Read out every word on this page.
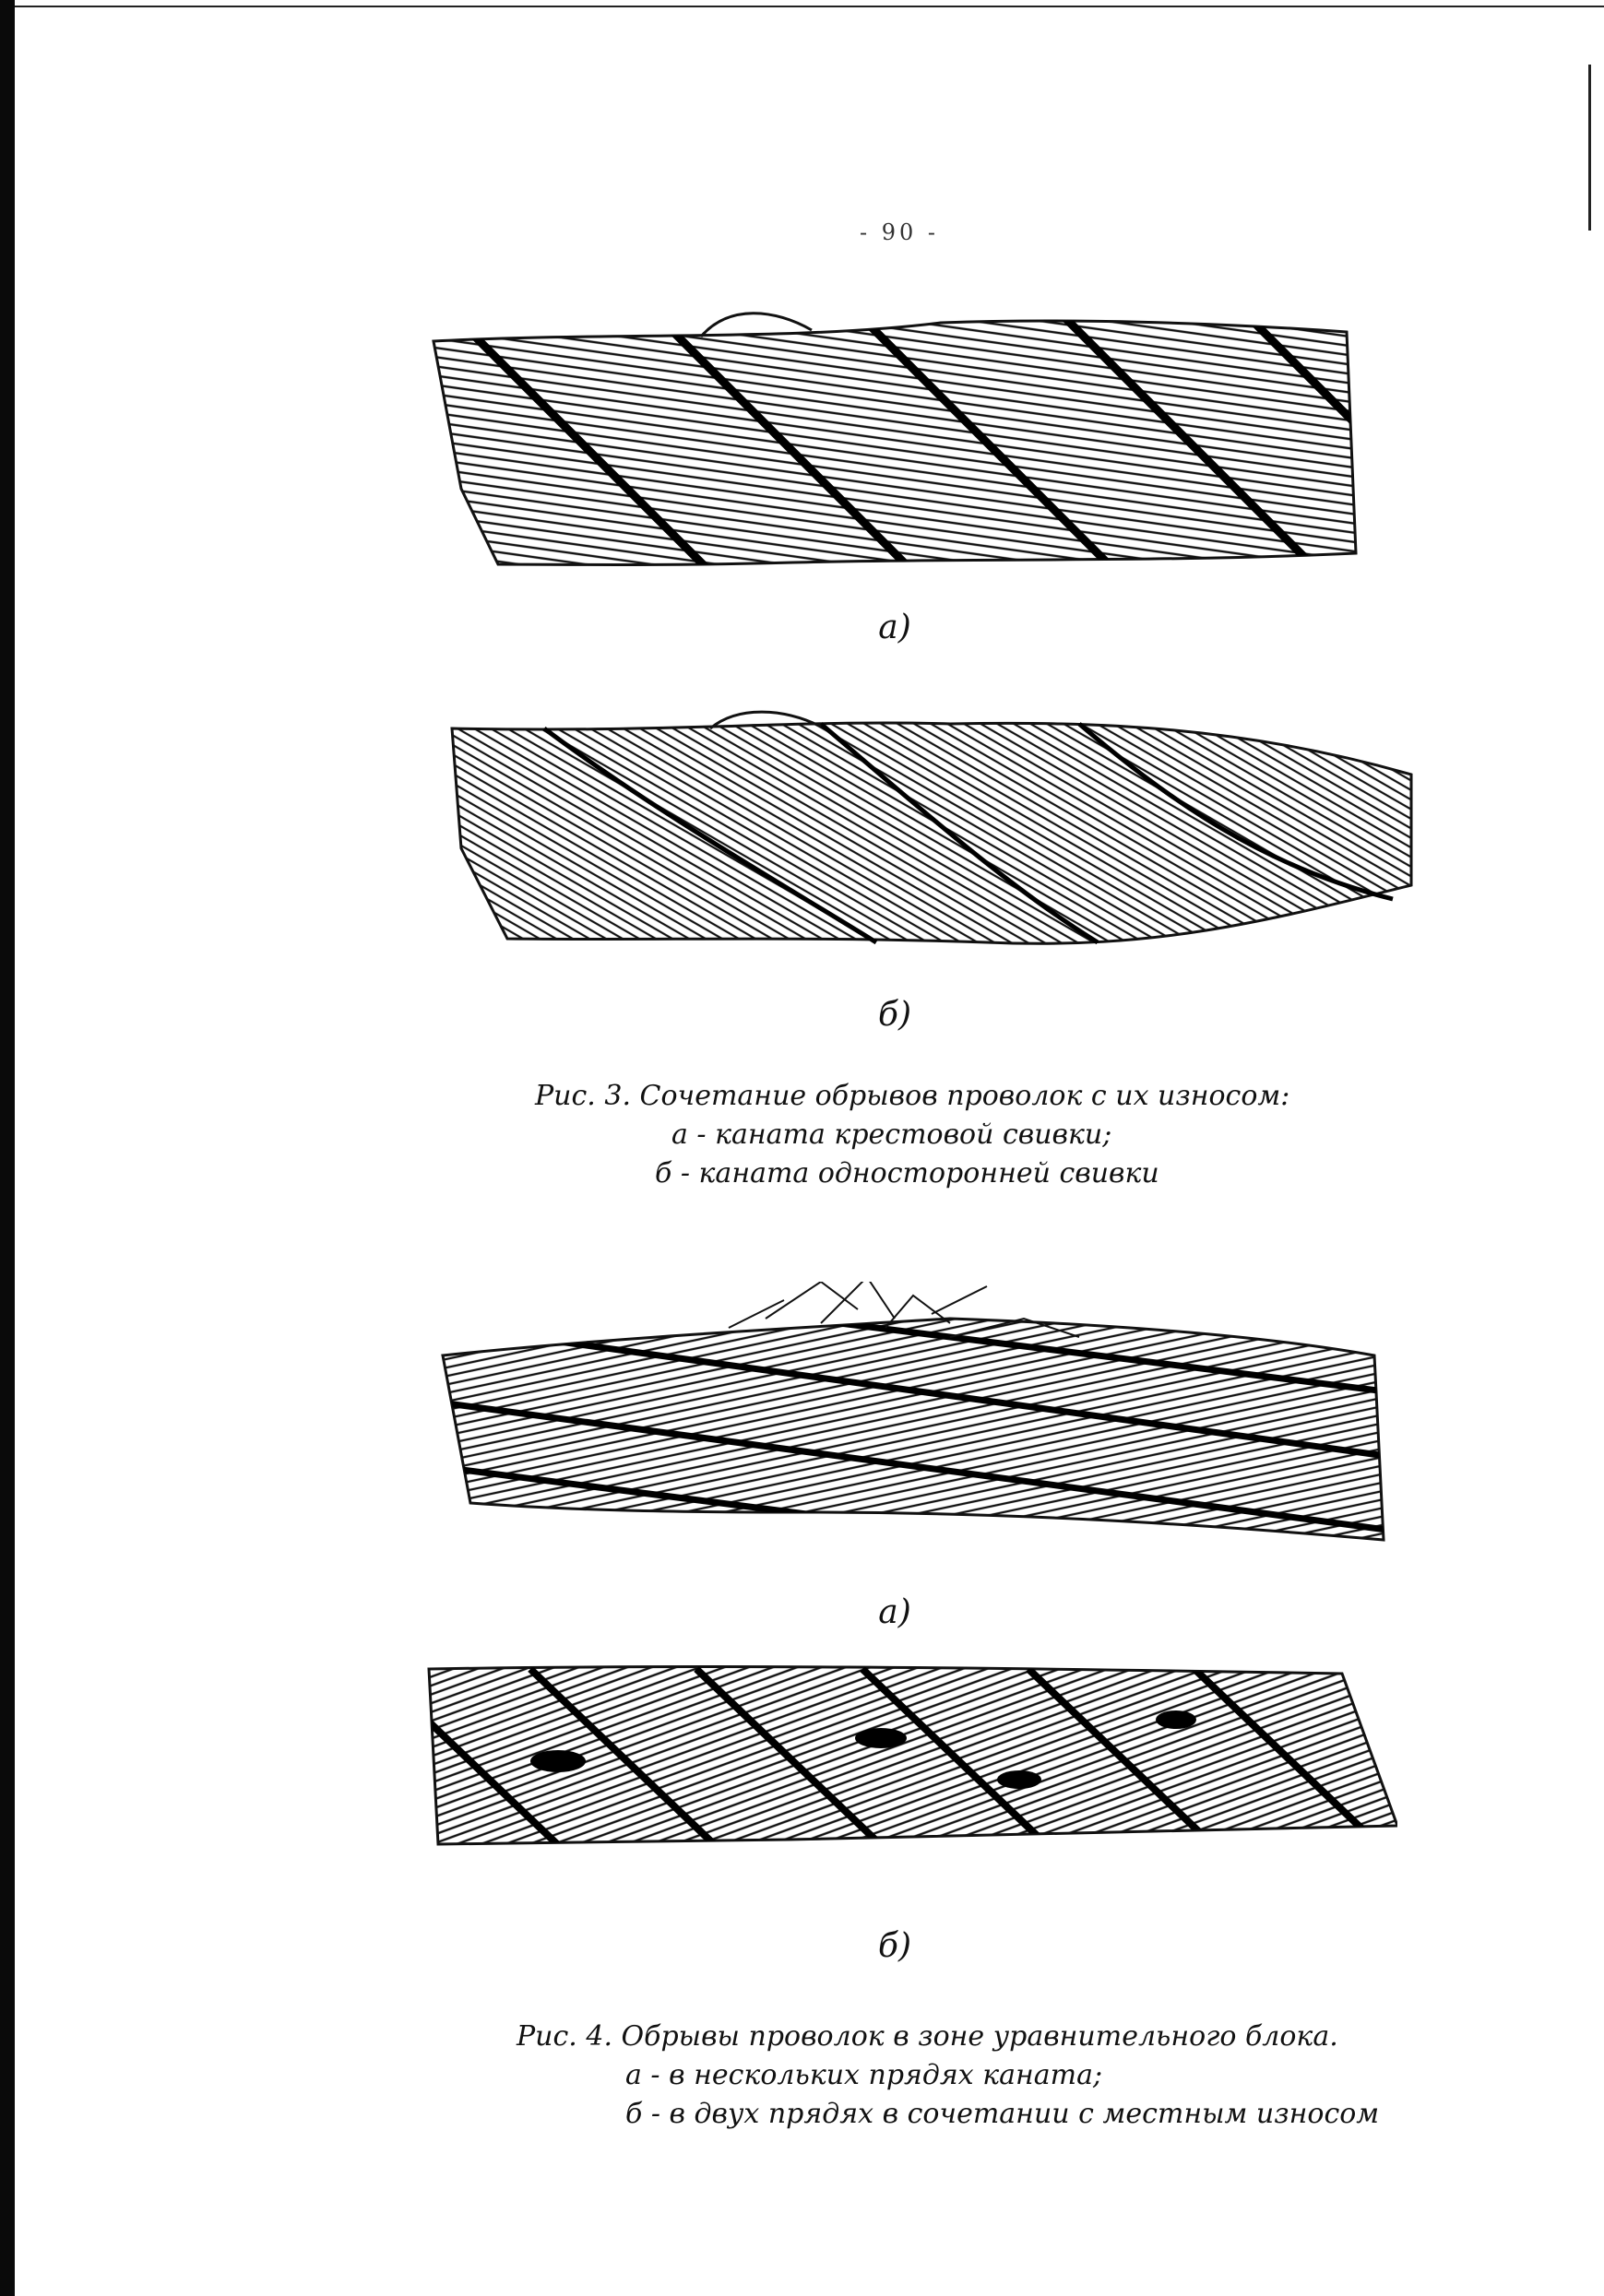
- 90 -
а)
б)
Рис. 3. Сочетание обрывов проволок с их износом:
а - каната крестовой свивки;
б - каната односторонней свивки
а)
б)
Рис. 4. Обрывы проволок в зоне уравнительного блока.
а - в нескольких прядях каната;
б - в двух прядях в сочетании с местным износом
